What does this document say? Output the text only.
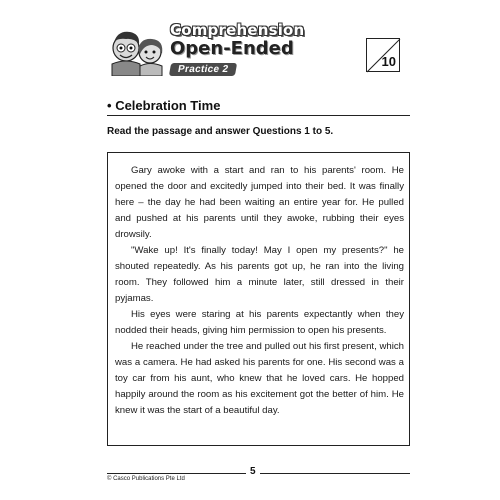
Comprehension
Open-Ended
Practice 2
10
• Celebration Time
Read the passage and answer Questions 1 to 5.

Gary awoke with a start and ran to his parents' room. He opened the door and excitedly jumped into their bed. It was finally here – the day he had been waiting an entire year for. He pulled and pushed at his parents until they awoke, rubbing their eyes drowsily.

"Wake up! It's finally today! May I open my presents?" he shouted repeatedly. As his parents got up, he ran into the living room. They followed him a minute later, still dressed in their pyjamas.

His eyes were staring at his parents expectantly when they nodded their heads, giving him permission to open his presents.

He reached under the tree and pulled out his first present, which was a camera. He had asked his parents for one. His second was a toy car from his aunt, who knew that he loved cars. He hopped happily around the room as his excitement got the better of him. He knew it was the start of a beautiful day.

5
© Casco Publications Pte Ltd
